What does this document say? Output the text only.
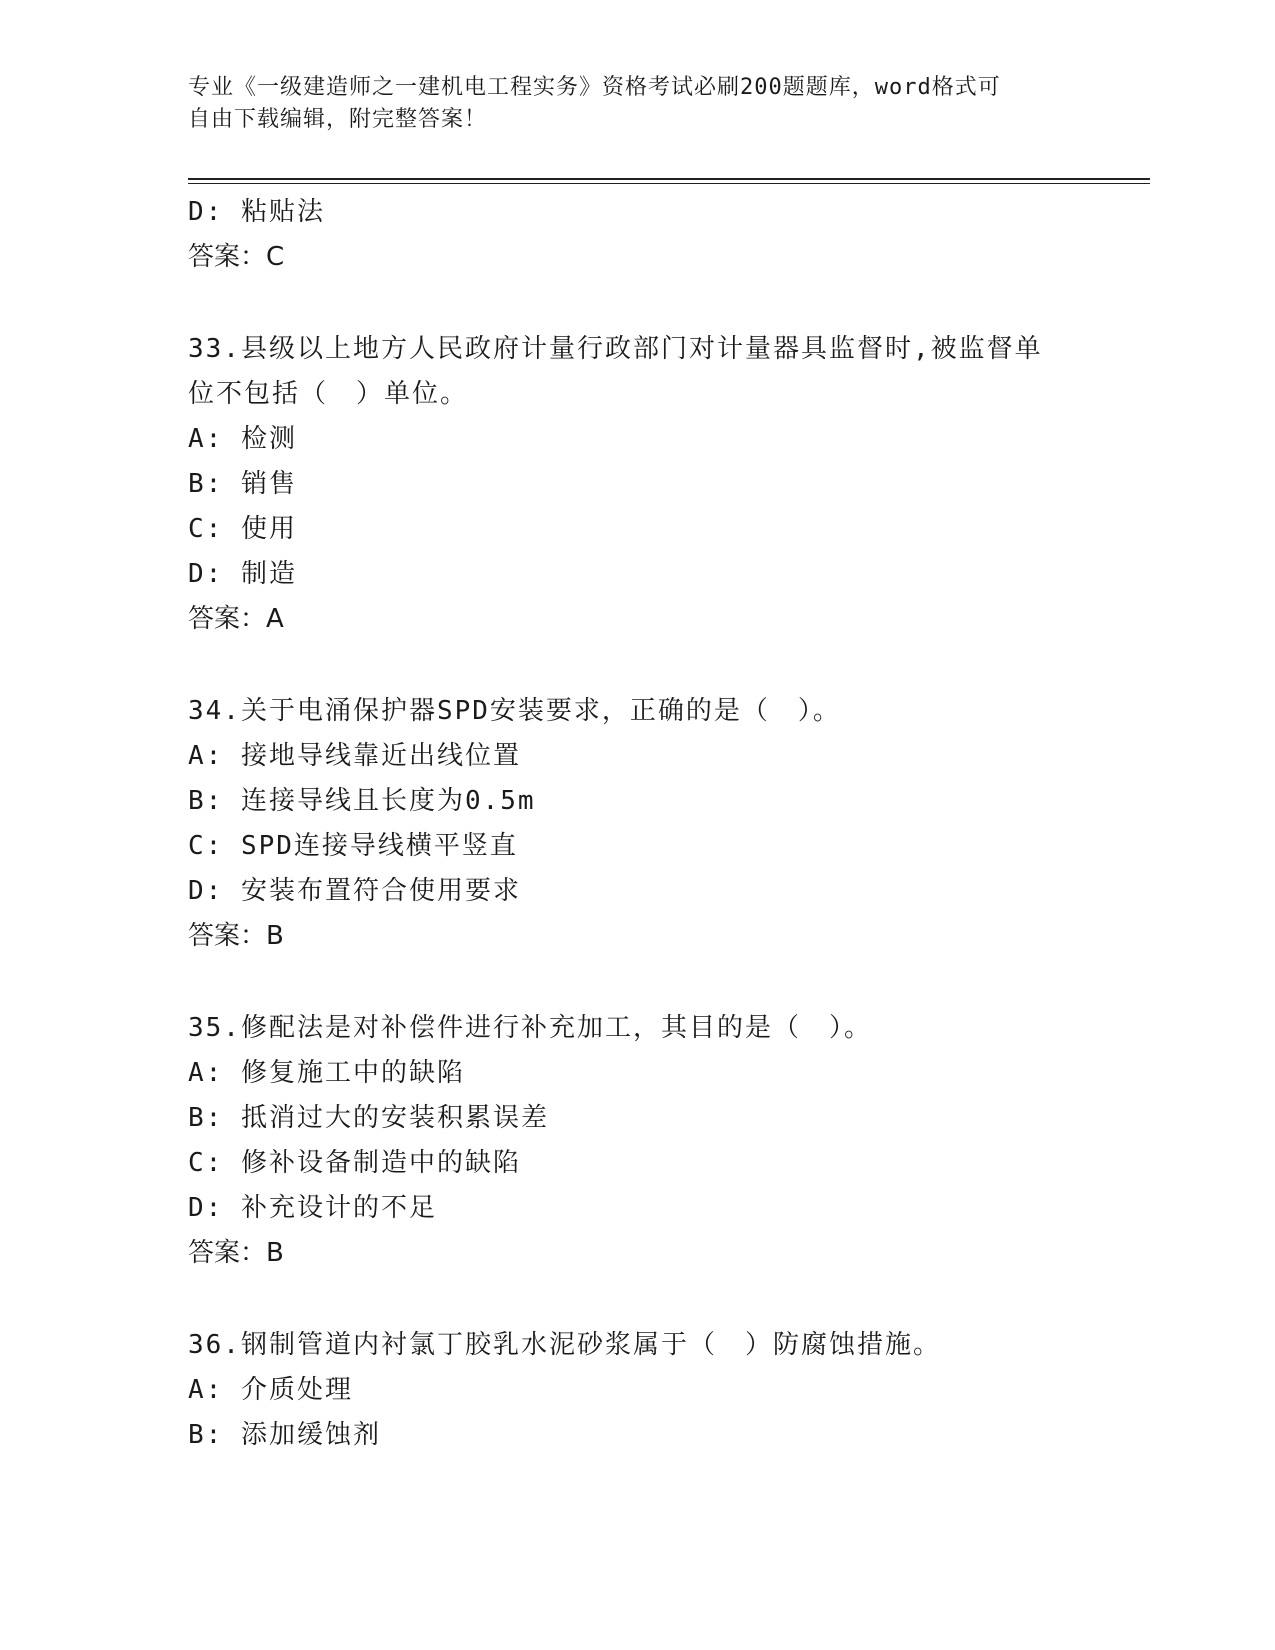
专业《一级建造师之一建机电工程实务》资格考试必刷200题题库，word格式可
自由下载编辑，附完整答案！
D: 粘贴法
答案：C
33.县级以上地方人民政府计量行政部门对计量器具监督时,被监督单
位不包括（　）单位。
A: 检测
B: 销售
C: 使用
D: 制造
答案：A
34.关于电涌保护器SPD安装要求，正确的是（　）。
A: 接地导线靠近出线位置
B: 连接导线且长度为0.5m
C: SPD连接导线横平竖直
D: 安装布置符合使用要求
答案：B
35.修配法是对补偿件进行补充加工，其目的是（　）。
A: 修复施工中的缺陷
B: 抵消过大的安装积累误差
C: 修补设备制造中的缺陷
D: 补充设计的不足
答案：B
36.钢制管道内衬氯丁胶乳水泥砂浆属于（　）防腐蚀措施。
A: 介质处理
B: 添加缓蚀剂
